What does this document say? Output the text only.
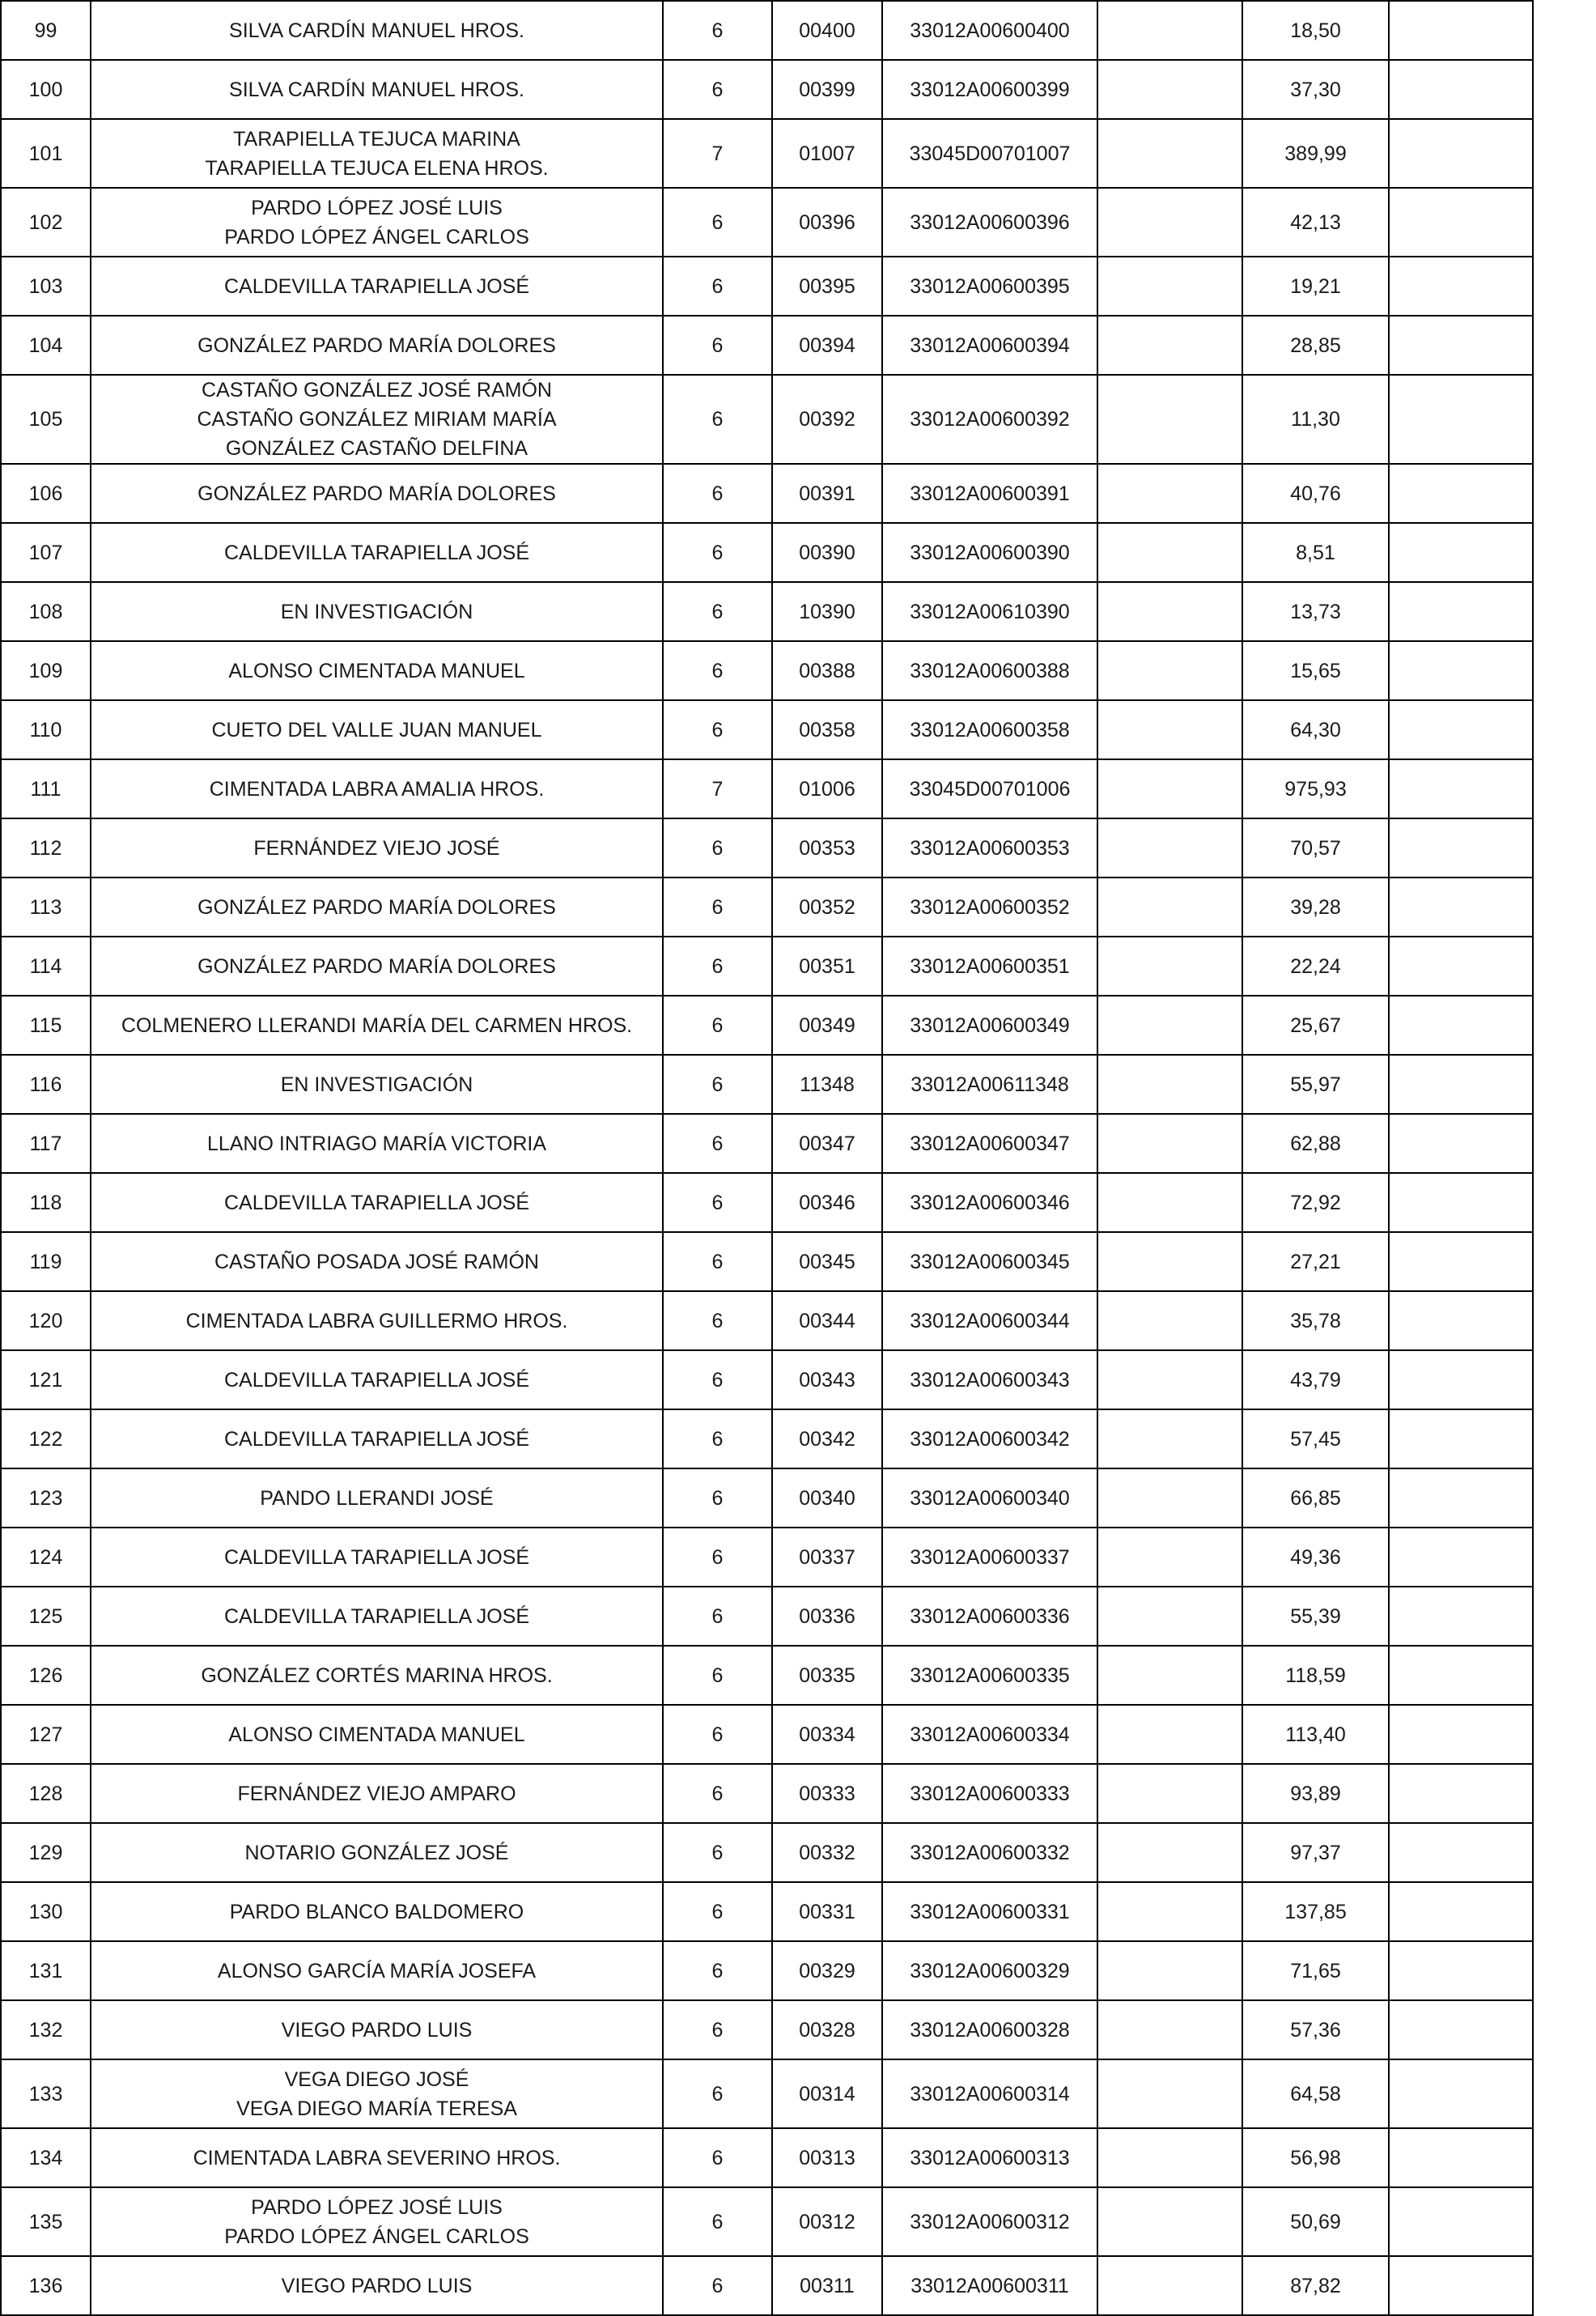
99	SILVA CARDÍN MANUEL HROS.	6	00400	33012A00600400		18,50	
100	SILVA CARDÍN MANUEL HROS.	6	00399	33012A00600399		37,30	
101	TARAPIELLA TEJUCA MARINA
TARAPIELLA TEJUCA ELENA HROS.	7	01007	33045D00701007		389,99	
102	PARDO LÓPEZ JOSÉ LUIS
PARDO LÓPEZ ÁNGEL CARLOS	6	00396	33012A00600396		42,13	
103	CALDEVILLA TARAPIELLA JOSÉ	6	00395	33012A00600395		19,21	
104	GONZÁLEZ PARDO MARÍA DOLORES	6	00394	33012A00600394		28,85	
105	CASTAÑO GONZÁLEZ JOSÉ RAMÓN
CASTAÑO GONZÁLEZ MIRIAM MARÍA
GONZÁLEZ CASTAÑO DELFINA	6	00392	33012A00600392		11,30	
106	GONZÁLEZ PARDO MARÍA DOLORES	6	00391	33012A00600391		40,76	
107	CALDEVILLA TARAPIELLA JOSÉ	6	00390	33012A00600390		8,51	
108	EN INVESTIGACIÓN	6	10390	33012A00610390		13,73	
109	ALONSO CIMENTADA MANUEL	6	00388	33012A00600388		15,65	
110	CUETO DEL VALLE JUAN MANUEL	6	00358	33012A00600358		64,30	
111	CIMENTADA LABRA AMALIA HROS.	7	01006	33045D00701006		975,93	
112	FERNÁNDEZ VIEJO JOSÉ	6	00353	33012A00600353		70,57	
113	GONZÁLEZ PARDO MARÍA DOLORES	6	00352	33012A00600352		39,28	
114	GONZÁLEZ PARDO MARÍA DOLORES	6	00351	33012A00600351		22,24	
115	COLMENERO LLERANDI MARÍA DEL CARMEN HROS.	6	00349	33012A00600349		25,67	
116	EN INVESTIGACIÓN	6	11348	33012A00611348		55,97	
117	LLANO INTRIAGO MARÍA VICTORIA	6	00347	33012A00600347		62,88	
118	CALDEVILLA TARAPIELLA JOSÉ	6	00346	33012A00600346		72,92	
119	CASTAÑO POSADA JOSÉ RAMÓN	6	00345	33012A00600345		27,21	
120	CIMENTADA LABRA GUILLERMO HROS.	6	00344	33012A00600344		35,78	
121	CALDEVILLA TARAPIELLA JOSÉ	6	00343	33012A00600343		43,79	
122	CALDEVILLA TARAPIELLA JOSÉ	6	00342	33012A00600342		57,45	
123	PANDO LLERANDI JOSÉ	6	00340	33012A00600340		66,85	
124	CALDEVILLA TARAPIELLA JOSÉ	6	00337	33012A00600337		49,36	
125	CALDEVILLA TARAPIELLA JOSÉ	6	00336	33012A00600336		55,39	
126	GONZÁLEZ CORTÉS MARINA HROS.	6	00335	33012A00600335		118,59	
127	ALONSO CIMENTADA MANUEL	6	00334	33012A00600334		113,40	
128	FERNÁNDEZ VIEJO AMPARO	6	00333	33012A00600333		93,89	
129	NOTARIO GONZÁLEZ JOSÉ	6	00332	33012A00600332		97,37	
130	PARDO BLANCO BALDOMERO	6	00331	33012A00600331		137,85	
131	ALONSO GARCÍA MARÍA JOSEFA	6	00329	33012A00600329		71,65	
132	VIEGO PARDO LUIS	6	00328	33012A00600328		57,36	
133	VEGA DIEGO JOSÉ
VEGA DIEGO MARÍA TERESA	6	00314	33012A00600314		64,58	
134	CIMENTADA LABRA SEVERINO HROS.	6	00313	33012A00600313		56,98	
135	PARDO LÓPEZ JOSÉ LUIS
PARDO LÓPEZ ÁNGEL CARLOS	6	00312	33012A00600312		50,69	
136	VIEGO PARDO LUIS	6	00311	33012A00600311		87,82	
